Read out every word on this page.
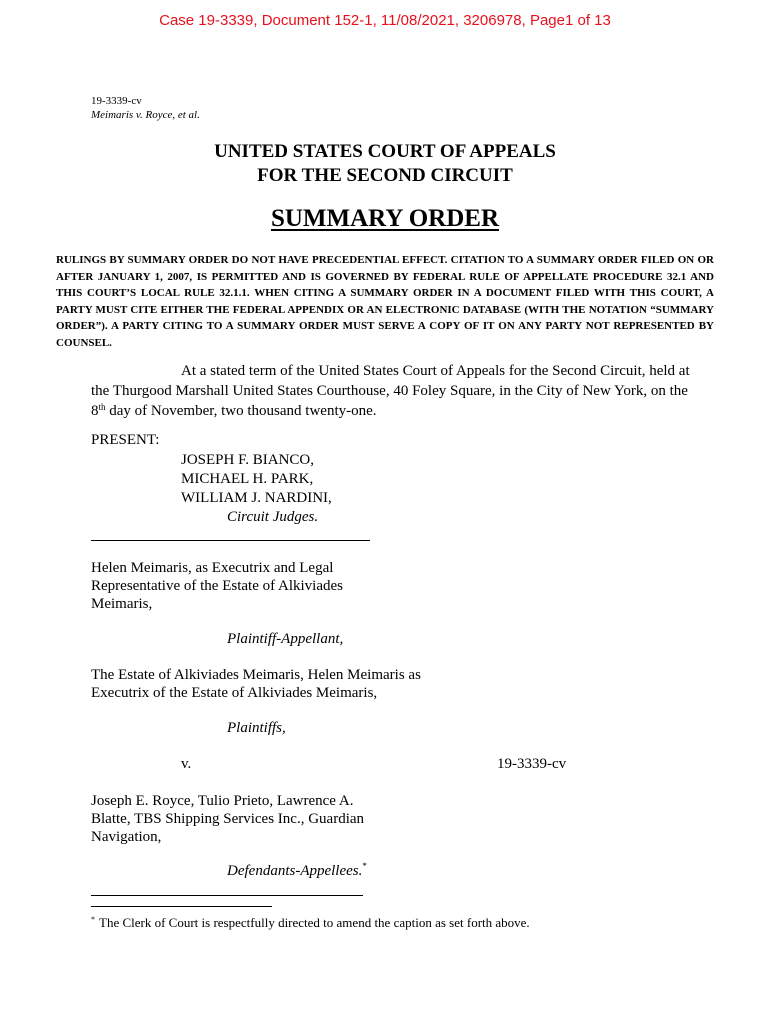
Case 19-3339, Document 152-1, 11/08/2021, 3206978, Page1 of 13
19-3339-cv
Meimaris v. Royce, et al.
UNITED STATES COURT OF APPEALS
FOR THE SECOND CIRCUIT
SUMMARY ORDER
RULINGS BY SUMMARY ORDER DO NOT HAVE PRECEDENTIAL EFFECT. CITATION TO A SUMMARY ORDER FILED ON OR AFTER JANUARY 1, 2007, IS PERMITTED AND IS GOVERNED BY FEDERAL RULE OF APPELLATE PROCEDURE 32.1 AND THIS COURT’S LOCAL RULE 32.1.1. WHEN CITING A SUMMARY ORDER IN A DOCUMENT FILED WITH THIS COURT, A PARTY MUST CITE EITHER THE FEDERAL APPENDIX OR AN ELECTRONIC DATABASE (WITH THE NOTATION “SUMMARY ORDER”). A PARTY CITING TO A SUMMARY ORDER MUST SERVE A COPY OF IT ON ANY PARTY NOT REPRESENTED BY COUNSEL.
At a stated term of the United States Court of Appeals for the Second Circuit, held at the Thurgood Marshall United States Courthouse, 40 Foley Square, in the City of New York, on the 8th day of November, two thousand twenty-one.
PRESENT:
JOSEPH F. BIANCO,
MICHAEL H. PARK,
WILLIAM J. NARDINI,
Circuit Judges.
Helen Meimaris, as Executrix and Legal Representative of the Estate of Alkiviades Meimaris,
Plaintiff-Appellant,
The Estate of Alkiviades Meimaris, Helen Meimaris as Executrix of the Estate of Alkiviades Meimaris,
Plaintiffs,
v.	19-3339-cv
Joseph E. Royce, Tulio Prieto, Lawrence A. Blatte, TBS Shipping Services Inc., Guardian Navigation,
Defendants-Appellees.*
* The Clerk of Court is respectfully directed to amend the caption as set forth above.
